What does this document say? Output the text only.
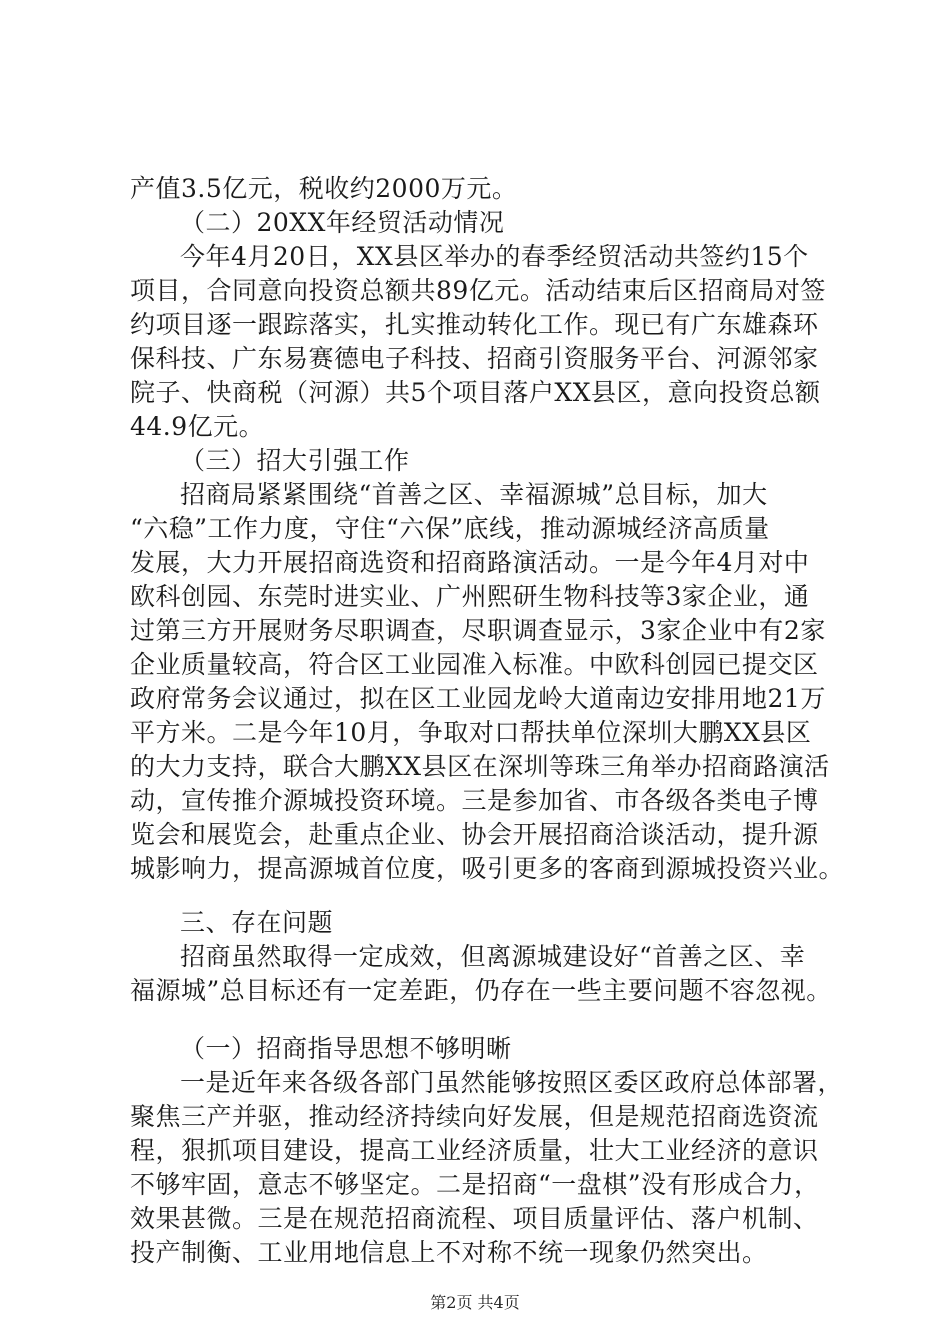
产值3.5亿元，税收约2000万元。
（二）20XX年经贸活动情况
今年4月20日，XX县区举办的春季经贸活动共签约15个
项目，合同意向投资总额共89亿元。活动结束后区招商局对签
约项目逐一跟踪落实，扎实推动转化工作。现已有广东雄森环
保科技、广东易赛德电子科技、招商引资服务平台、河源邻家
院子、快商税（河源）共5个项目落户XX县区，意向投资总额
44.9亿元。
（三）招大引强工作
招商局紧紧围绕“首善之区、幸福源城”总目标，加大
“六稳”工作力度，守住“六保”底线，推动源城经济高质量
发展，大力开展招商选资和招商路演活动。一是今年4月对中
欧科创园、东莞时进实业、广州熙研生物科技等3家企业，通
过第三方开展财务尽职调查，尽职调查显示，3家企业中有2家
企业质量较高，符合区工业园准入标准。中欧科创园已提交区
政府常务会议通过，拟在区工业园龙岭大道南边安排用地21万
平方米。二是今年10月，争取对口帮扶单位深圳大鹏XX县区
的大力支持，联合大鹏XX县区在深圳等珠三角举办招商路演活
动，宣传推介源城投资环境。三是参加省、市各级各类电子博
览会和展览会，赴重点企业、协会开展招商洽谈活动，提升源
城影响力，提高源城首位度，吸引更多的客商到源城投资兴业。
三、存在问题
招商虽然取得一定成效，但离源城建设好“首善之区、幸
福源城”总目标还有一定差距，仍存在一些主要问题不容忽视。
（一）招商指导思想不够明晰
一是近年来各级各部门虽然能够按照区委区政府总体部署，
聚焦三产并驱，推动经济持续向好发展，但是规范招商选资流
程，狠抓项目建设，提高工业经济质量，壮大工业经济的意识
不够牢固，意志不够坚定。二是招商“一盘棋”没有形成合力，
效果甚微。三是在规范招商流程、项目质量评估、落户机制、
投产制衡、工业用地信息上不对称不统一现象仍然突出。
第2页 共4页
